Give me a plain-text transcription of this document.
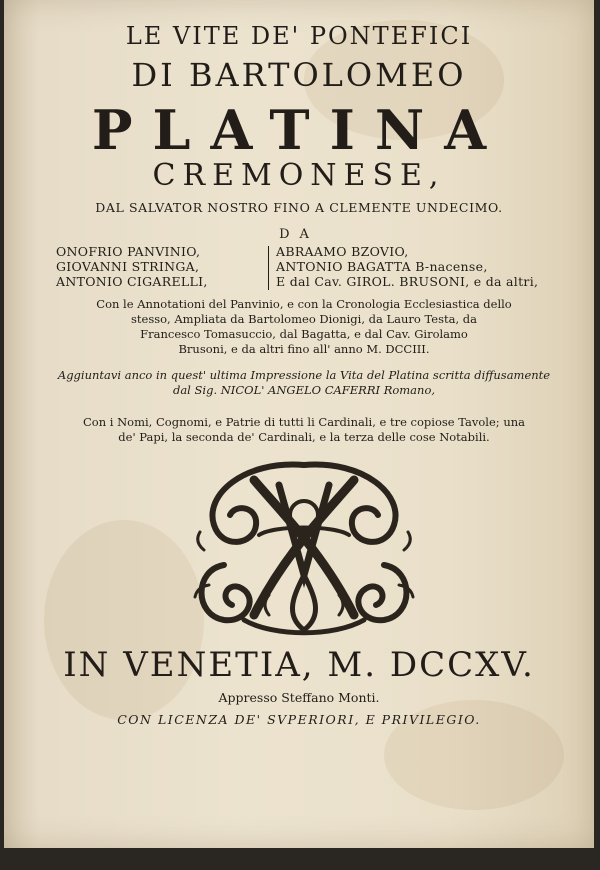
LE VITE DE' PONTEFICI
DI BARTOLOMEO
PLATINA
CREMONESE,
DAL SALVATOR NOSTRO FINO A CLEMENTE UNDECIMO.
DA
ONOFRIO PANVINIO,
GIOVANNI STRINGA,
ANTONIO CIGARELLI,
ABRAAMO BZOVIO,
ANTONIO BAGATTA B-nacense,
E dal Cav. GIROL. BRUSONI, e da altri,
Con le Annotationi del Panvinio, e con la Cronologia Ecclesiastica dello
stesso, Ampliata da Bartolomeo Dionigi, da Lauro Testa, da
Francesco Tomasuccio, dal Bagatta, e dal Cav. Girolamo
Brusoni, e da altri fino all' anno M. DCCIII.
Aggiuntavi anco in quest' ultima Impressione la Vita del Platina scritta diffusamente
dal Sig. NICOL' ANGELO CAFERRI Romano,
Con i Nomi, Cognomi, e Patrie di tutti li Cardinali, e tre copiose Tavole; una
de' Papi, la seconda de' Cardinali, e la terza delle cose Notabili.
IN VENETIA, M. DCCXV.
Appresso Steffano Monti.
CON LICENZA DE' SVPERIORI, E PRIVILEGIO.
